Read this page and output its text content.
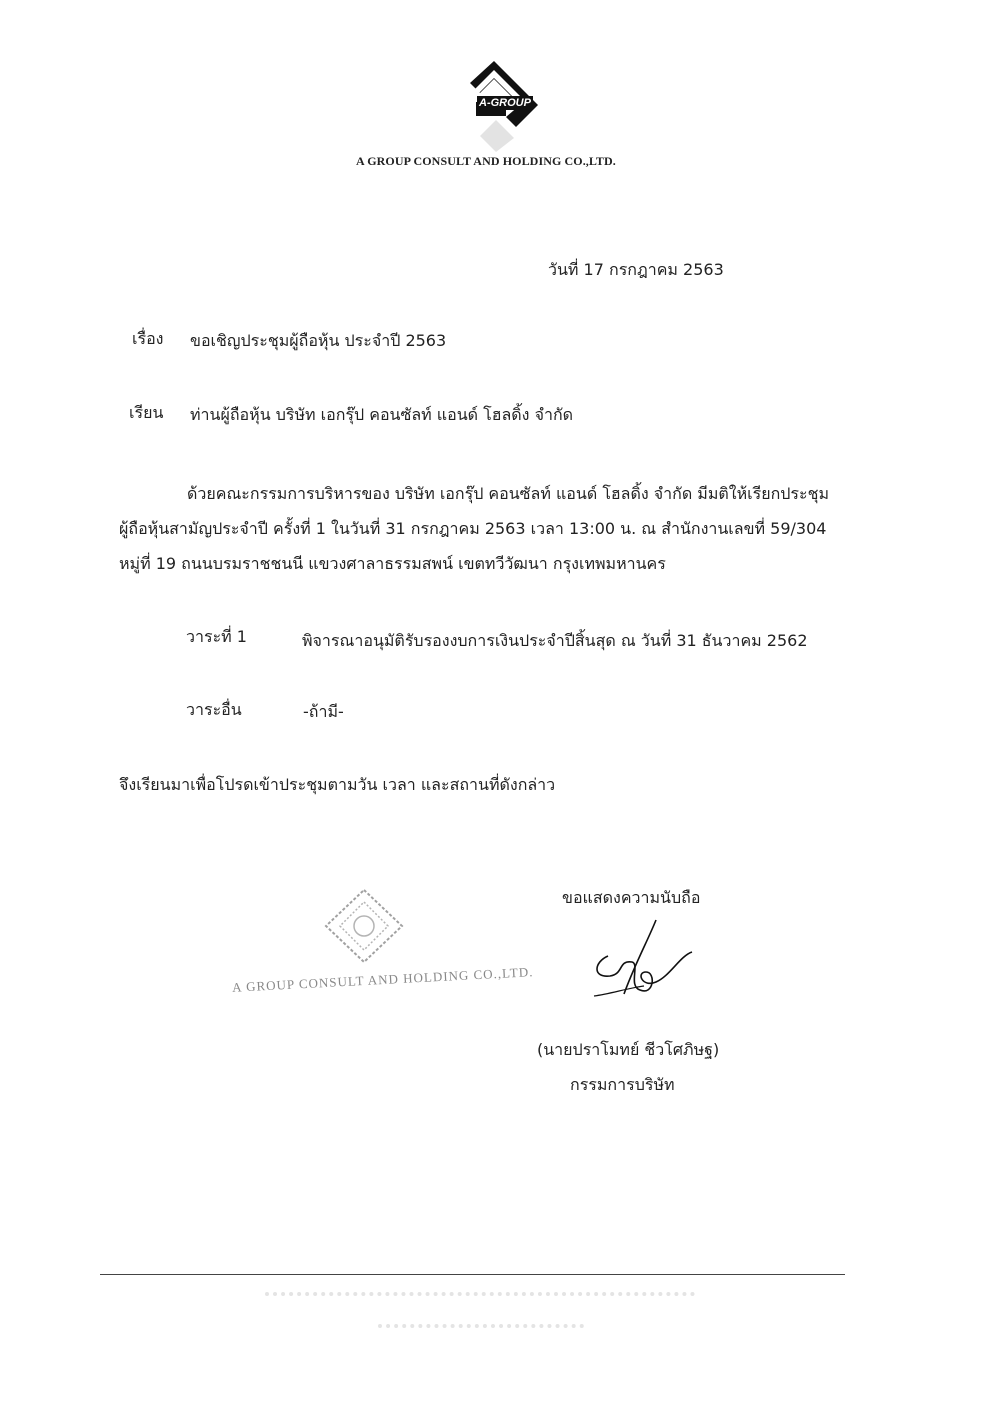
A-GROUP
A GROUP CONSULT AND HOLDING CO.,LTD.
วันที่ 17 กรกฎาคม 2563
เรื่อง ขอเชิญประชุมผู้ถือหุ้น ประจำปี 2563
เรียน ท่านผู้ถือหุ้น บริษัท เอกรุ๊ป คอนซัลท์ แอนด์ โฮลดิ้ง จำกัด
ด้วยคณะกรรมการบริหารของ บริษัท เอกรุ๊ป คอนซัลท์ แอนด์ โฮลดิ้ง จำกัด มีมติให้เรียกประชุม
ผู้ถือหุ้นสามัญประจำปี ครั้งที่ 1 ในวันที่ 31 กรกฎาคม 2563 เวลา 13:00 น. ณ สำนักงานเลขที่ 59/304
หมู่ที่ 19 ถนนบรมราชชนนี แขวงศาลาธรรมสพน์ เขตทวีวัฒนา กรุงเทพมหานคร
วาระที่ 1	พิจารณาอนุมัติรับรองงบการเงินประจำปีสิ้นสุด ณ วันที่ 31 ธันวาคม 2562
วาระอื่น	-ถ้ามี-
จึงเรียนมาเพื่อโปรดเข้าประชุมตามวัน เวลา และสถานที่ดังกล่าว
ขอแสดงความนับถือ
(นายปราโมทย์ ชีวโศภิษฐ)
กรรมการบริษัท
A GROUP CONSULT AND HOLDING CO.,LTD.
